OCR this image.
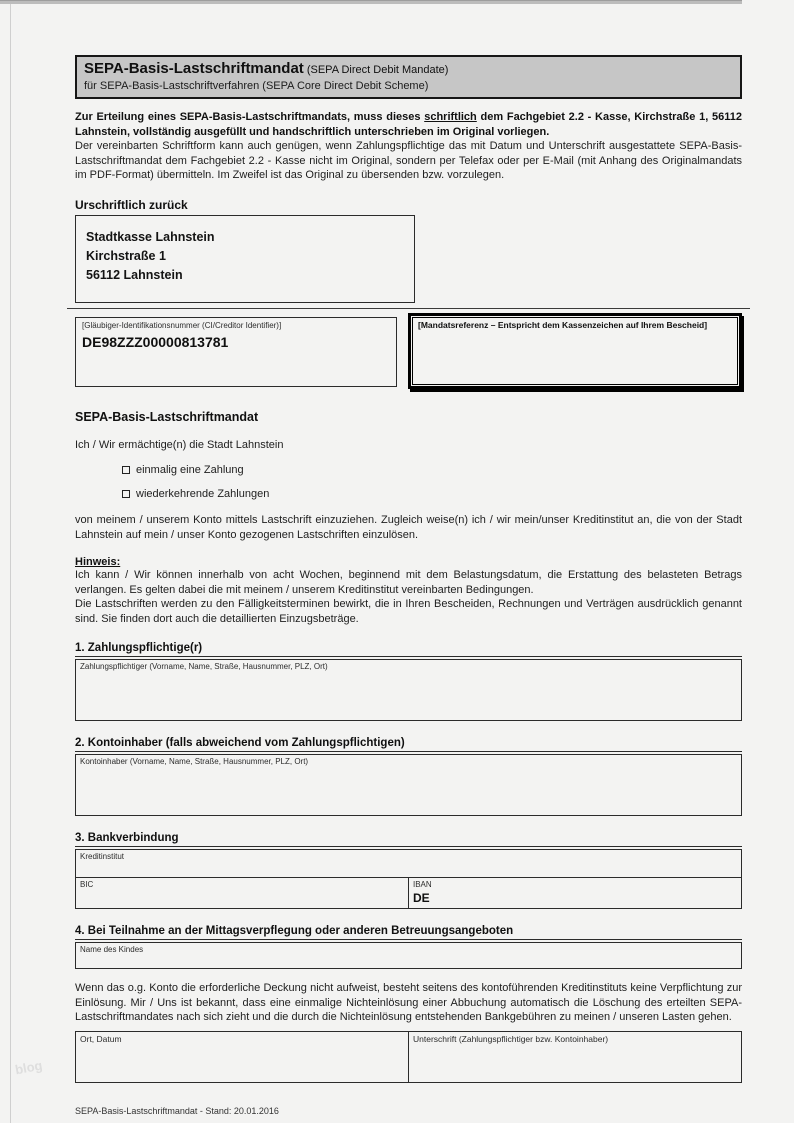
SEPA-Basis-Lastschriftmandat (SEPA Direct Debit Mandate)
für SEPA-Basis-Lastschriftverfahren (SEPA Core Direct Debit Scheme)

Zur Erteilung eines SEPA-Basis-Lastschriftmandats, muss dieses schriftlich dem Fachgebiet 2.2 - Kasse, Kirchstraße 1, 56112 Lahnstein, vollständig ausgefüllt und handschriftlich unterschrieben im Original vorliegen.

Der vereinbarten Schriftform kann auch genügen, wenn Zahlungspflichtige das mit Datum und Unterschrift ausgestattete SEPA-Basis-Lastschriftmandat dem Fachgebiet 2.2 - Kasse nicht im Original, sondern per Telefax oder per E-Mail (mit Anhang des Originalmandats im PDF-Format) übermitteln. Im Zweifel ist das Original zu übersenden bzw. vorzulegen.

Urschriftlich zurück
Stadtkasse Lahnstein
Kirchstraße 1
56112 Lahnstein
[Gläubiger-Identifikationsnummer (CI/Creditor Identifier)]
DE98ZZZ00000813781
[Mandatsreferenz – Entspricht dem Kassenzeichen auf Ihrem Bescheid]
SEPA-Basis-Lastschriftmandat

Ich / Wir ermächtige(n) die Stadt Lahnstein

einmalig eine Zahlung
wiederkehrende Zahlungen

von meinem / unserem Konto mittels Lastschrift einzuziehen. Zugleich weise(n) ich / wir mein/unser Kreditinstitut an, die von der Stadt Lahnstein auf mein / unser Konto gezogenen Lastschriften einzulösen.

Hinweis:

Ich kann / Wir können innerhalb von acht Wochen, beginnend mit dem Belastungsdatum, die Erstattung des belasteten Betrags verlangen. Es gelten dabei die mit meinem / unserem Kreditinstitut vereinbarten Bedingungen.

Die Lastschriften werden zu den Fälligkeitsterminen bewirkt, die in Ihren Bescheiden, Rechnungen und Verträgen ausdrücklich genannt sind. Sie finden dort auch die detaillierten Einzugsbeträge.

1. Zahlungspflichtige(r)
Zahlungspflichtiger (Vorname, Name, Straße, Hausnummer, PLZ, Ort)
2. Kontoinhaber (falls abweichend vom Zahlungspflichtigen)
Kontoinhaber (Vorname, Name, Straße, Hausnummer, PLZ, Ort)
3. Bankverbindung
Kreditinstitut
BIC	IBAN
DE
4. Bei Teilnahme an der Mittagsverpflegung oder anderen Betreuungsangeboten
Name des Kindes

Wenn das o.g. Konto die erforderliche Deckung nicht aufweist, besteht seitens des kontoführenden Kreditinstituts keine Verpflichtung zur Einlösung. Mir / Uns ist bekannt, dass eine einmalige Nichteinlösung einer Abbuchung automatisch die Löschung des erteilten SEPA-Lastschriftmandates nach sich zieht und die durch die Nichteinlösung entstehenden Bankgebühren zu meinen / unseren Lasten gehen.

Ort, Datum	Unterschrift (Zahlungspflichtiger bzw. Kontoinhaber)
SEPA-Basis-Lastschriftmandat - Stand: 20.01.2016
blog
